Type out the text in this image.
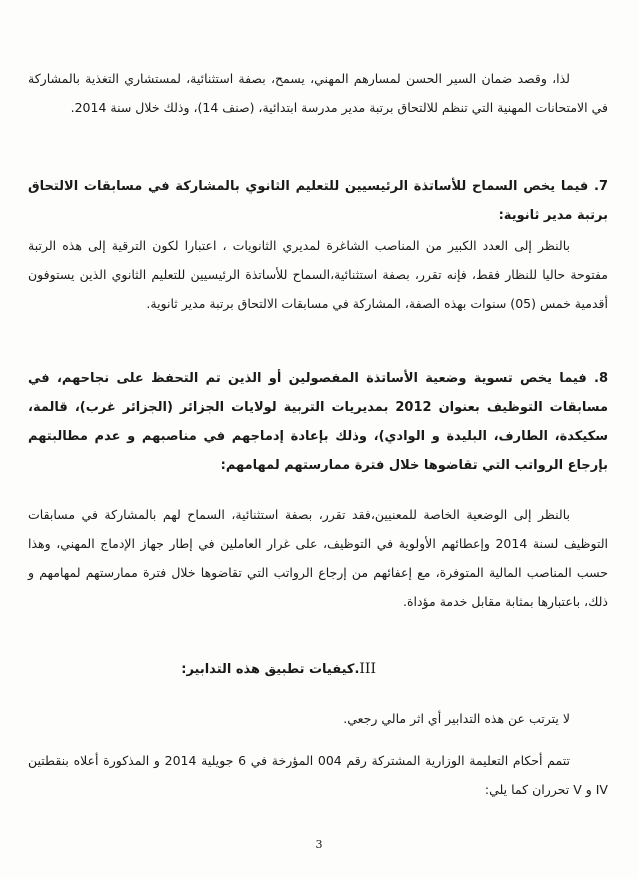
لذا، وقصد ضمان السير الحسن لمسارهم المهني، يسمح، بصفة استثنائية، لمستشاري التغذية بالمشاركة في الامتحانات المهنية التي تنظم للالتحاق برتبة مدير مدرسة ابتدائية، (صنف 14)، وذلك خلال سنة 2014.

7. فيما يخص السماح للأساتذة الرئيسيين للتعليم الثانوي بالمشاركة في مسابقات الالتحاق برتبة مدير ثانوية:

بالنظر إلى العدد الكبير من المناصب الشاغرة لمديري الثانويات ، اعتبارا لكون الترقية إلى هذه الرتبة مفتوحة حاليا للنظار فقط، فإنه تقرر، بصفة استثنائية،السماح للأساتذة الرئيسيين للتعليم الثانوي الذين يستوفون أقدمية خمس (05) سنوات بهذه الصفة، المشاركة في مسابقات الالتحاق برتبة مدير ثانوية.

8. فيما يخص تسوية وضعية الأساتذة المفصولين أو الذين تم التحفظ على نجاحهم، في مسابقات التوظيف بعنوان 2012 بمديريات التربية لولايات الجزائر (الجزائر غرب)، قالمة، سكيكدة، الطارف، البليدة و الوادي)، وذلك بإعادة إدماجهم في مناصبهم و عدم مطالبتهم بإرجاع الرواتب التي تقاضوها خلال فترة ممارستهم لمهامهم:

بالنظر إلى الوضعية الخاصة للمعنيين،فقد تقرر، بصفة استثنائية، السماح لهم بالمشاركة في مسابقات التوظيف لسنة 2014 وإعطائهم الأولوية في التوظيف، على غرار العاملين في إطار جهاز الإدماج المهني، وهذا حسب المناصب المالية المتوفرة، مع إعفائهم من إرجاع الرواتب التي تقاضوها خلال فترة ممارستهم لمهامهم و ذلك، باعتبارها بمثابة مقابل خدمة مؤداة.

III.كيفيات تطبيق هذه التدابير:

لا يترتب عن هذه التدابير أي اثر مالي رجعي.

تتمم أحكام التعليمة الوزارية المشتركة رقم 004 المؤرخة في 6 جويلية 2014 و المذكورة أعلاه بنقطتين IV و V تحرران كما يلي:

3
